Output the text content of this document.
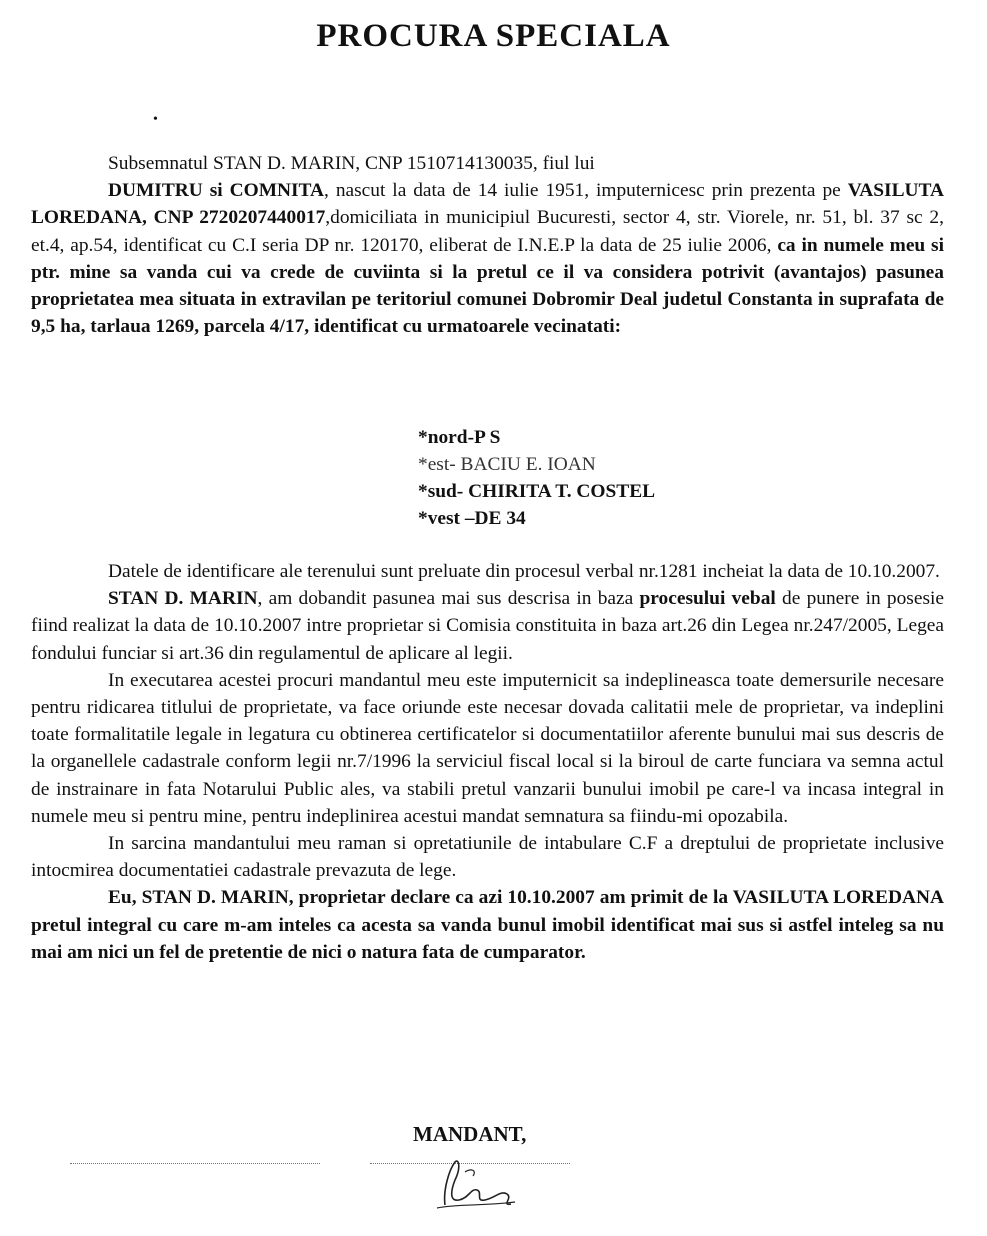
PROCURA SPECIALA
•

Subsemnatul STAN D. MARIN, CNP 1510714130035, fiul lui
DUMITRU si COMNITA, nascut la data de 14 iulie 1951, imputernicesc prin prezenta pe VASILUTA LOREDANA, CNP 2720207440017,domiciliata in municipiul Bucuresti, sector 4, str. Viorele, nr. 51, bl. 37 sc 2, et.4, ap.54, identificat cu C.I seria DP nr. 120170, eliberat de I.N.E.P la data de 25 iulie 2006, ca in numele meu si ptr. mine sa vanda cui va crede de cuviinta si la pretul ce il va considera potrivit (avantajos) pasunea proprietatea mea situata in extravilan pe teritoriul comunei Dobromir Deal judetul Constanta in suprafata de 9,5 ha, tarlaua 1269, parcela 4/17, identificat cu urmatoarele vecinatati:

*nord-P S
*est- BACIU E. IOAN
*sud- CHIRITA T. COSTEL
*vest –DE 34

Datele de identificare ale terenului sunt preluate din procesul verbal nr.1281 incheiat la data de 10.10.2007.

STAN D. MARIN, am dobandit pasunea mai sus descrisa in baza procesului vebal de punere in posesie fiind realizat la data de 10.10.2007 intre proprietar si Comisia constituita in baza art.26 din Legea nr.247/2005, Legea fondului funciar si art.36 din regulamentul de aplicare al legii.

In executarea acestei procuri mandantul meu este imputernicit sa indeplineasca toate demersurile necesare pentru ridicarea titlului de proprietate, va face oriunde este necesar dovada calitatii mele de proprietar, va indeplini toate formalitatile legale in legatura cu obtinerea certificatelor si documentatiilor aferente bunului mai sus descris de la organellele cadastrale conform legii nr.7/1996 la serviciul fiscal local si la biroul de carte funciara va semna actul de instrainare in fata Notarului Public ales, va stabili pretul vanzarii bunului imobil pe care-l va incasa integral in numele meu si pentru mine, pentru indeplinirea acestui mandat semnatura sa fiindu-mi opozabila.

In sarcina mandantului meu raman si opretatiunile de intabulare C.F a dreptului de proprietate inclusive intocmirea documentatiei cadastrale prevazuta de lege.

Eu, STAN D. MARIN, proprietar declare ca azi 10.10.2007 am primit de la VASILUTA LOREDANA pretul integral cu care m-am inteles ca acesta sa vanda bunul imobil identificat mai sus si astfel inteleg sa nu mai am nici un fel de pretentie de nici o natura fata de cumparator.

MANDANT,
